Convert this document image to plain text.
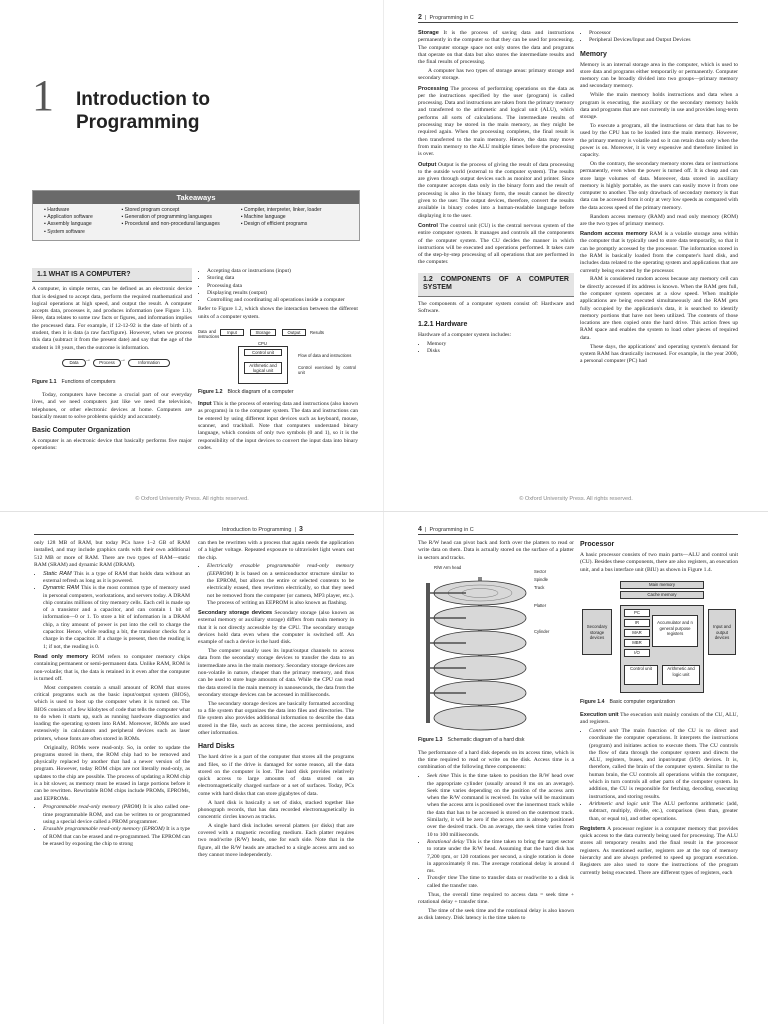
1 Introduction to Programming
Takeaways
▪ Hardware
▪ Application software
▪ Assembly language
▪ System software
▪ Stored program concept
▪ Generation of programming languages
▪ Procedural and non-procedural languages
▪ Compiler, interpreter, linker, loader
▪ Machine language
▪ Design of efficient programs
1.1 WHAT IS A COMPUTER?

A computer, in simple terms, can be defined as an electronic device that is designed to accept data, perform the required mathematical and logical operations at high speed, and output the result. A computer accepts data, processes it, and produces information (see Figure 1.1). Here, data relates to some raw facts or figures, and information implies the processed data. For example, if 12-12-92 is the date of birth of a student, then it is data (a raw fact/figure). However, when we process this data (subtract it from the present date) and say that the age of the student is 18 years, then the outcome is information.

Data	→	Process →	Information
Figure 1.1 Functions of computers

Today, computers have become a crucial part of our everyday lives, and we need computers just like we need the television, telephones, or other electronic devices at home. Computers are basically meant to solve problems quickly and accurately.

Basic Computer Organization

A computer is an electronic device that basically performs five major operations:

• Accepting data or instructions (input)
• Storing data
• Processing data
• Displaying results (output)
• Controlling and coordinating all operations inside a computer

Refer to Figure 1.2, which shows the interaction between the different units of a computer system.

Data and instructions
Input	Storage	Output	Results
CPU
Control unit
Arithmetic and logical unit
Flow of data and instructions
Control exercised by control unit
Figure 1.2 Block diagram of a computer

Input This is the process of entering data and instructions (also known as programs) in to the computer system. The data and instructions can be entered by using different input devices such as keyboard, mouse, scanner, and trackball. Note that computers understand binary language, which consists of only two symbols (0 and 1), so it is the responsibility of the input devices to convert the input data into binary codes.

© Oxford University Press. All rights reserved.
2  |  Programming in C

Storage It is the process of saving data and instructions permanently in the computer so that they can be used for processing. The computer storage space not only stores the data and programs that operate on that data but also stores the intermediate results and the final results of processing.

A computer has two types of storage areas: primary storage and secondary storage.

Processing The process of performing operations on the data as per the instructions specified by the user (program) is called processing. Data and instructions are taken from the primary memory and transferred to the arithmetic and logical unit (ALU), which performs all sorts of calculations. The intermediate results of processing may be stored in the main memory, as they might be required again. When the processing completes, the final result is then transferred to the main memory. Hence, the data may move from main memory to the ALU multiple times before the processing is over.

Output Output is the process of giving the result of data processing to the outside world (external to the computer system). The results are given through output devices such as monitor and printer. Since the computer accepts data only in the binary form and the result of processing is also in the binary form, the result cannot be directly given to the user. The output devices, therefore, convert the results available in binary codes into a human-readable language before displaying it to the user.

Control The control unit (CU) is the central nervous system of the entire computer system. It manages and controls all the components of the computer system. The CU decides the manner in which instructions will be executed and operations performed. It takes care of the step-by-step processing of all operations that are performed in the computer.

1.2 COMPONENTS OF A COMPUTER SYSTEM

The components of a computer system consist of: Hardware and Software.

1.2.1 Hardware

Hardware of a computer system includes:

• Memory
• Disks
• Processor
• Peripheral Devices/Input and Output Devices
Memory

Memory is an internal storage area in the computer, which is used to store data and programs either temporarily or permanently. Computer memory can be broadly divided into two groups—primary memory and secondary memory.

While the main memory holds instructions and data when a program is executing, the auxiliary or the secondary memory holds data and programs that are not currently in use and provides long-term storage.

To execute a program, all the instructions or data that has to be used by the CPU has to be loaded into the main memory. However, the primary memory is volatile and so it can retain data only when the power is on. Moreover, it is very expensive and therefore limited in capacity.

On the contrary, the secondary memory stores data or instructions permanently, even when the power is turned off. It is cheap and can store large volumes of data. Moreover, data stored in auxiliary memory is highly portable, as the users can easily move it from one computer to another. The only drawback of secondary memory is that data can be accessed from it only at very low speeds as compared with the data access speed of the primary memory.

Random access memory (RAM) and read only memory (ROM) are the two types of primary memory.

Random access memory RAM is a volatile storage area within the computer that is typically used to store data temporarily, so that it can be promptly accessed by the processor. The information stored in the RAM is basically loaded from the computer's hard disk, and includes data related to the operating system and applications that are currently being executed by the processor.

RAM is considered random access because any memory cell can be directly accessed if its address is known. When the RAM gets full, the computer system operates at a slow speed. When multiple applications are being executed simultaneously and the RAM gets fully occupied by the application's data, it is searched to identify memory portions that have not been utilized. The contents of those locations are then copied onto the hard drive. This action frees up RAM space and enables the system to load other pieces of required data.

These days, the applications' and operating system's demand for system RAM has drastically increased. For example, in the year 2000, a personal computer (PC) had

© Oxford University Press. All rights reserved.
Introduction to Programming  |  3

only 128 MB of RAM, but today PCs have 1–2 GB of RAM installed, and may include graphics cards with their own additional 512 MB or more of RAM. There are two types of RAM—static RAM (SRAM) and dynamic RAM (DRAM).

• Static RAM This is a type of RAM that holds data without an external refresh as long as it is powered.
• Dynamic RAM This is the most common type of memory used in personal computers, workstations, and servers today. A DRAM chip contains millions of tiny memory cells. Each cell is made up of a transistor and a capacitor, and can contain 1 bit of information—0 or 1. To store a bit of information in a DRAM chip, a tiny amount of power is put into the cell to charge the capacitor. Hence, while reading a bit, the transistor checks for a charge in the capacitor. If a charge is present, then the reading is 1; if not, the reading is 0.

Read only memory ROM refers to computer memory chips containing permanent or semi-permanent data. Unlike RAM, ROM is non-volatile; that is, the data is retained in it even after the computer is turned off.

Most computers contain a small amount of ROM that stores critical programs such as the basic input/output system (BIOS), which is used to boot up the computer when it is turned on. The BIOS consists of a few kilobytes of code that tells the computer what to do when it starts up, such as running hardware diagnostics and loading the operating system into RAM. Moreover, ROMs are used extensively in calculators and peripheral devices such as laser printers, whose fonts are often stored in ROMs.

Originally, ROMs were read-only. So, in order to update the programs stored in them, the ROM chip had to be removed and physically replaced by another that had a newer version of the program. However, today ROM chips are not literally read-only, as updates to the chip are possible. The process of updating a ROM chip is a bit slower, as memory must be erased in large portions before it can be rewritten. Rewritable ROM chips include PROMs, EPROMs, and EEPROMs.

• Programmable read-only memory (PROM) It is also called one-time programmable ROM, and can be written to or programmed using a special device called a PROM programmer.
• Erasable programmable read-only memory (EPROM) It is a type of ROM that can be erased and re-programmed. The EPROM can be erased by exposing the chip to strong

can then be rewritten with a process that again needs the application of a higher voltage. Repeated exposure to ultraviolet light wears out the chip.

• Electrically erasable programmable read-only memory (EEPROM) It is based on a semiconductor structure similar to the EPROM, but allows the entire or selected contents to be electrically erased, then rewritten electrically, so that they need not be removed from the computer (or camera, MP3 player, etc.). The process of writing an EEPROM is also known as flashing.

Secondary storage devices Secondary storage (also known as external memory or auxiliary storage) differs from main memory in that it is not directly accessible by the CPU. The secondary storage devices hold data even when the computer is switched off. An example of such a device is the hard disk.

The computer usually uses its input/output channels to access data from the secondary storage devices to transfer the data to an intermediate area in the main memory. Secondary storage devices are non-volatile in nature, cheaper than the primary memory, and thus can be used to store huge amounts of data. While the CPU can read the data stored in the main memory in nanoseconds, the data from the secondary storage devices can be accessed in milliseconds.

The secondary storage devices are basically formatted according to a file system that organizes the data into files and directories. The file system also provides additional information to describe the data stored in the file, such as access time, the access permissions, and other information.

Hard Disks

The hard drive is a part of the computer that stores all the programs and files, so if the drive is damaged for some reason, all the data stored on the computer is lost. The hard disk provides relatively quick access to large amounts of data stored on an electromagnetically charged surface or a set of surfaces. Today, PCs come with hard disks that can store gigabytes of data.

A hard disk is basically a set of disks, stacked together like phonograph records, that has data recorded electromagnetically in concentric circles known as tracks.

A single hard disk includes several platters (or disks) that are covered with a magnetic recording medium. Each platter requires two read/write (R/W) heads, one for each side. Note that in the figure, all the R/W heads are attached to a single access arm and so they cannot move independently.

4  |  Programming in C

The R/W head can pivot back and forth over the platters to read or write data on them. Data is actually stored on the surface of a platter in sectors and tracks.

R/W Arm head
Sector
Spindle
Track
Platter
Cylinder
Figure 1.3 Schematic diagram of a hard disk

The performance of a hard disk depends on its access time, which is the time required to read or write on the disk. Access time is a combination of the following three components:

• Seek time This is the time taken to position the R/W head over the appropriate cylinder (usually around 8 ms on an average). Seek time varies depending on the position of the access arm when the R/W command is received. Its value will be maximum when the access arm is positioned over the innermost track while the data that has to be accessed is stored on the outermost track. Similarly, it will be zero if the access arm is already positioned over the desired track. On an average, the seek time varies from 10 to 100 milliseconds.
• Rotational delay This is the time taken to bring the target sector to rotate under the R/W head. Assuming that the hard disk has 7,200 rpm, or 120 rotations per second, a single rotation is done in approximately 8 ms. The average rotational delay is around 4 ms.
• Transfer time The time to transfer data or read/write to a disk is called the transfer rate.

Thus, the overall time required to access data = seek time + rotational delay + transfer time.

The time of the seek time and the rotational delay is also known as disk latency. Disk latency is the time taken to

Processor

A basic processor consists of two main parts—ALU and control unit (CU). Besides these components, there are also registers, an execution unit, and a bus interface unit (BIU) as shown in Figure 1.4.

Main memory
Cache memory
Secondary storage devices
PC
IR
MAR
MBR
I/O
Accumulator and n general purpose registers
Control unit	Arithmetic and logic unit
Input and output devices
Figure 1.4 Basic computer organization

Execution unit The execution unit mainly consists of the CU, ALU, and registers.

• Control unit The main function of the CU is to direct and coordinate the computer operations. It interprets the instructions (program) and initiates action to execute them. The CU controls the flow of data through the computer system and directs the ALU, registers, buses, and input/output (I/O) devices. It is, therefore, called the brain of the computer system. Similar to the human brain, the CU controls all operations within the computer, which in turn controls all other parts of the computer system. In addition, the CU is responsible for fetching, decoding, executing instructions, and storing results.
• Arithmetic and logic unit The ALU performs arithmetic (add, subtract, multiply, divide, etc.), comparison (less than, greater than, or equal to), and other operations.

Registers A processor register is a computer memory that provides quick access to the data currently being used for processing. The ALU stores all temporary results and the final result in the processor registers. As mentioned earlier, registers are at the top of memory hierarchy and are always preferred to speed up program execution. Registers are also used to store the instructions of the program currently being executed. There are different types of registers, each
